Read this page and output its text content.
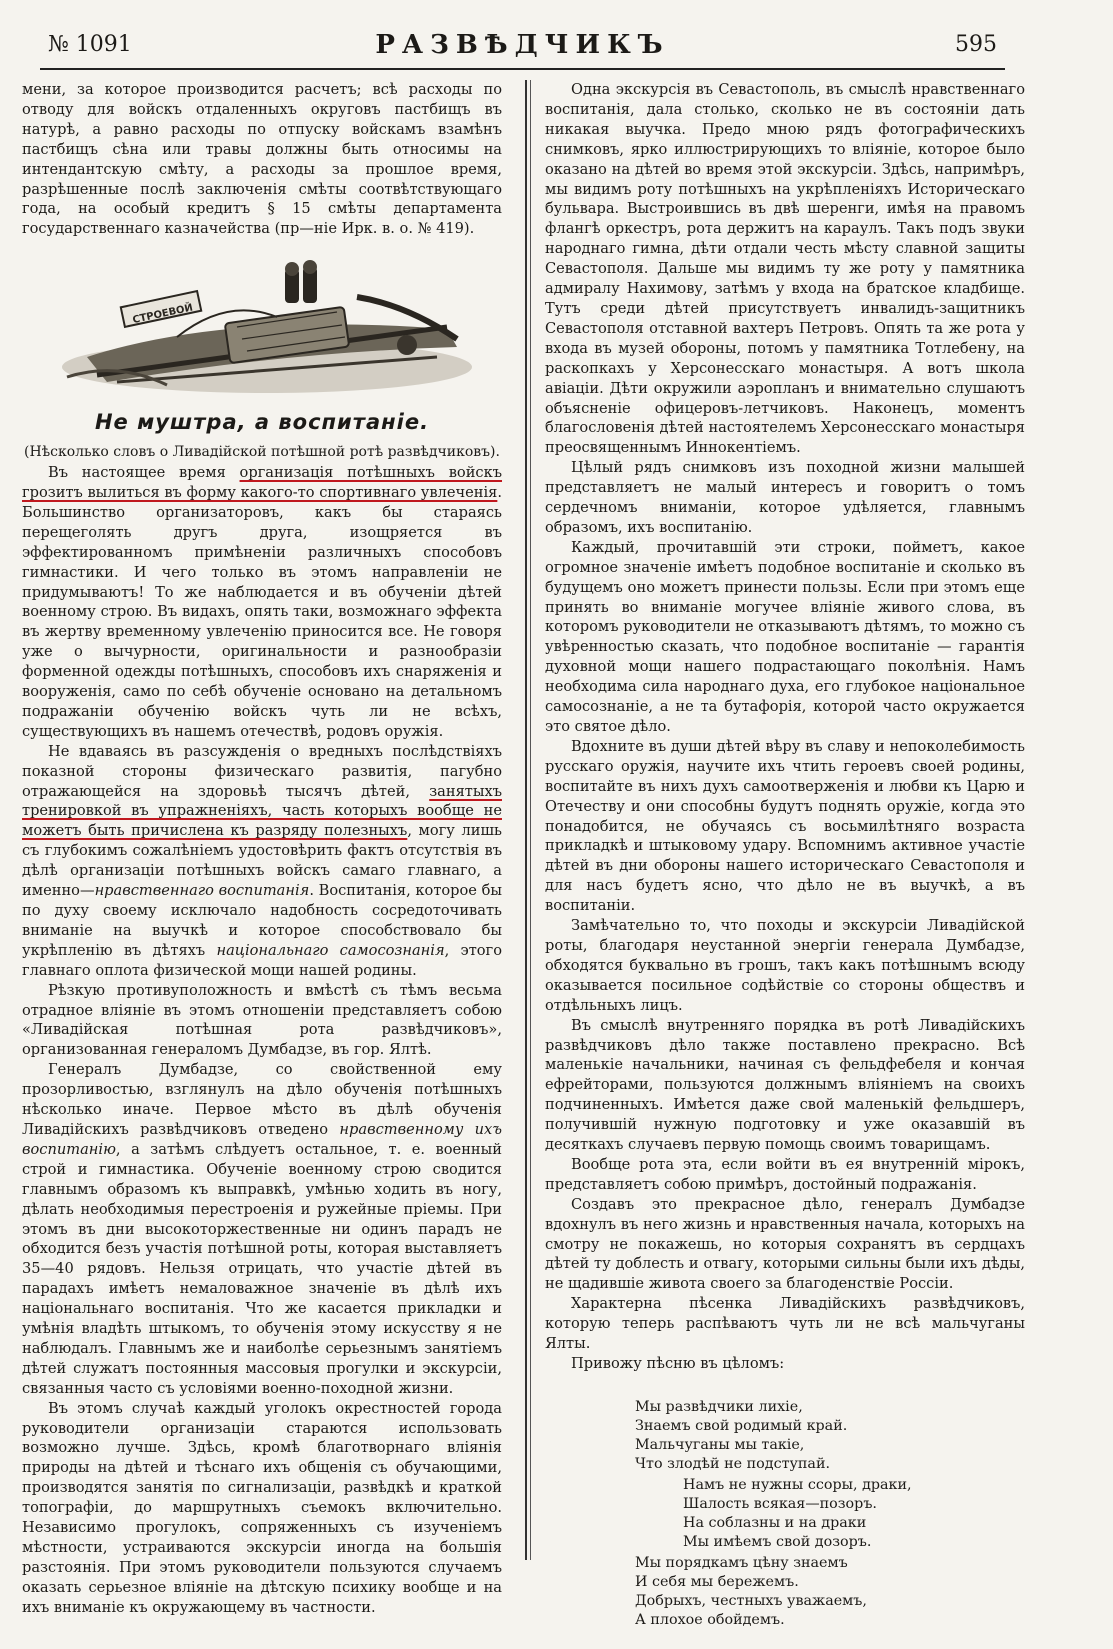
№ 1091	РАЗВѢДЧИКЪ	595

мени, за которое производится расчетъ; всѣ расходы по отводу для войскъ отдаленныхъ округовъ пастбищъ въ натурѣ, а равно расходы по отпуску войскамъ взамѣнъ пастбищъ сѣна или травы должны быть относимы на интендантскую смѣту, а расходы за прошлое время, разрѣшенные послѣ заключенія смѣты соотвѣтствующаго года, на особый кредитъ § 15 смѣты департамента государственнаго казначейства (пр—ніе Ирк. в. о. № 419).

СТРОЕВОЙ
Не муштра, а воспитаніе.

(Нѣсколько словъ о Ливадійской потѣшной ротѣ развѣдчиковъ).

Въ настоящее время организація потѣшныхъ войскъ грозитъ вылиться въ форму какого-то спортивнаго увлеченія. Большинство организаторовъ, какъ бы стараясь перещеголять другъ друга, изощряется въ эффектированномъ примѣненіи различныхъ способовъ гимнастики. И чего только въ этомъ направленіи не придумываютъ! То же наблюдается и въ обученіи дѣтей военному строю. Въ видахъ, опять таки, возможнаго эффекта въ жертву временному увлеченію приносится все. Не говоря уже о вычурности, оригинальности и разнообразіи форменной одежды потѣшныхъ, способовъ ихъ снаряженія и вооруженія, само по себѣ обученіе основано на детальномъ подражаніи обученію войскъ чуть ли не всѣхъ, существующихъ въ нашемъ отечествѣ, родовъ оружія.

Не вдаваясь въ разсужденія о вредныхъ послѣдствіяхъ показной стороны физическаго развитія, пагубно отражающейся на здоровьѣ тысячъ дѣтей, занятыхъ тренировкой въ упражненіяхъ, часть которыхъ вообще не можетъ быть причислена къ разряду полезныхъ, могу лишь съ глубокимъ сожалѣніемъ удостовѣрить фактъ отсутствія въ дѣлѣ организаціи потѣшныхъ войскъ самаго главнаго, а именно—нравственнаго воспитанія. Воспитанія, которое бы по духу своему исключало надобность сосредоточивать вниманіе на выучкѣ и которое способствовало бы укрѣпленію въ дѣтяхъ національнаго самосознанія, этого главнаго оплота физической мощи нашей родины.

Рѣзкую противуположность и вмѣстѣ съ тѣмъ весьма отрадное вліяніе въ этомъ отношеніи представляетъ собою «Ливадійская потѣшная рота развѣдчиковъ», организованная генераломъ Думбадзе, въ гор. Ялтѣ.

Генералъ Думбадзе, со свойственной ему прозорливостью, взглянулъ на дѣло обученія потѣшныхъ нѣсколько иначе. Первое мѣсто въ дѣлѣ обученія Ливадійскихъ развѣдчиковъ отведено нравственному ихъ воспитанію, а затѣмъ слѣдуетъ остальное, т. е. военный строй и гимнастика. Обученіе военному строю сводится главнымъ образомъ къ выправкѣ, умѣнью ходить въ ногу, дѣлать необходимыя перестроенія и ружейные пріемы. При этомъ въ дни высокоторжественные ни одинъ парадъ не обходится безъ участія потѣшной роты, которая выставляетъ 35—40 рядовъ. Нельзя отрицать, что участіе дѣтей въ парадахъ имѣетъ немаловажное значеніе въ дѣлѣ ихъ національнаго воспитанія. Что же касается прикладки и умѣнія владѣть штыкомъ, то обученія этому искусству я не наблюдалъ. Главнымъ же и наиболѣе серьезнымъ занятіемъ дѣтей служатъ постоянныя массовыя прогулки и экскурсіи, связанныя часто съ условіями военно-походной жизни.

Въ этомъ случаѣ каждый уголокъ окрестностей города руководители организаціи стараются использовать возможно лучше. Здѣсь, кромѣ благотворнаго вліянія природы на дѣтей и тѣснаго ихъ общенія съ обучающими, производятся занятія по сигнализаціи, развѣдкѣ и краткой топографіи, до маршрутныхъ съемокъ включительно. Независимо прогулокъ, сопряженныхъ съ изученіемъ мѣстности, устраиваются экскурсіи иногда на большія разстоянія. При этомъ руководители пользуются случаемъ оказать серьезное вліяніе на дѣтскую психику вообще и на ихъ вниманіе къ окружающему въ частности.

Одна экскурсія въ Севастополь, въ смыслѣ нравственнаго воспитанія, дала столько, сколько не въ состояніи дать никакая выучка. Предо мною рядъ фотографическихъ снимковъ, ярко иллюстрирующихъ то вліяніе, которое было оказано на дѣтей во время этой экскурсіи. Здѣсь, напримѣръ, мы видимъ роту потѣшныхъ на укрѣпленіяхъ Историческаго бульвара. Выстроившись въ двѣ шеренги, имѣя на правомъ флангѣ оркестръ, рота держитъ на караулъ. Такъ подъ звуки народнаго гимна, дѣти отдали честь мѣсту славной защиты Севастополя. Дальше мы видимъ ту же роту у памятника адмиралу Нахимову, затѣмъ у входа на братское кладбище. Тутъ среди дѣтей присутствуетъ инвалидъ-защитникъ Севастополя отставной вахтеръ Петровъ. Опять та же рота у входа въ музей обороны, потомъ у памятника Тотлебену, на раскопкахъ у Херсонесскаго монастыря. А вотъ школа авіаціи. Дѣти окружили аэропланъ и внимательно слушаютъ объясненіе офицеровъ-летчиковъ. Наконецъ, моментъ благословенія дѣтей настоятелемъ Херсонесскаго монастыря преосвященнымъ Иннокентіемъ.

Цѣлый рядъ снимковъ изъ походной жизни малышей представляетъ не малый интересъ и говоритъ о томъ сердечномъ вниманіи, которое удѣляется, главнымъ образомъ, ихъ воспитанію.

Каждый, прочитавшій эти строки, пойметъ, какое огромное значеніе имѣетъ подобное воспитаніе и сколько въ будущемъ оно можетъ принести пользы. Если при этомъ еще принять во вниманіе могучее вліяніе живого слова, въ которомъ руководители не отказываютъ дѣтямъ, то можно съ увѣренностью сказать, что подобное воспитаніе — гарантія духовной мощи нашего подрастающаго поколѣнія. Намъ необходима сила народнаго духа, его глубокое національное самосознаніе, а не та бутафорія, которой часто окружается это святое дѣло.

Вдохните въ души дѣтей вѣру въ славу и непоколебимость русскаго оружія, научите ихъ чтить героевъ своей родины, воспитайте въ нихъ духъ самоотверженія и любви къ Царю и Отечеству и они способны будутъ поднять оружіе, когда это понадобится, не обучаясь съ восьмилѣтняго возраста прикладкѣ и штыковому удару. Вспомнимъ активное участіе дѣтей въ дни обороны нашего историческаго Севастополя и для насъ будетъ ясно, что дѣло не въ выучкѣ, а въ воспитаніи.

Замѣчательно то, что походы и экскурсіи Ливадійской роты, благодаря неустанной энергіи генерала Думбадзе, обходятся буквально въ грошъ, такъ какъ потѣшнымъ всюду оказывается посильное содѣйствіе со стороны обществъ и отдѣльныхъ лицъ.

Въ смыслѣ внутренняго порядка въ ротѣ Ливадійскихъ развѣдчиковъ дѣло также поставлено прекрасно. Всѣ маленькіе начальники, начиная съ фельдфебеля и кончая ефрейторами, пользуются должнымъ вліяніемъ на своихъ подчиненныхъ. Имѣется даже свой маленькій фельдшеръ, получившій нужную подготовку и уже оказавшій въ десяткахъ случаевъ первую помощь своимъ товарищамъ.

Вообще рота эта, если войти въ ея внутренній мірокъ, представляетъ собою примѣръ, достойный подражанія.

Создавъ это прекрасное дѣло, генералъ Думбадзе вдохнулъ въ него жизнь и нравственныя начала, которыхъ на смотру не покажешь, но которыя сохранятъ въ сердцахъ дѣтей ту доблесть и отвагу, которыми сильны были ихъ дѣды, не щадившіе живота своего за благоденствіе Россіи.

Характерна пѣсенка Ливадійскихъ развѣдчиковъ, которую теперь распѣваютъ чуть ли не всѣ мальчуганы Ялты.

Привожу пѣсню въ цѣломъ:

Мы развѣдчики лихіе,
Знаемъ свой родимый край.
Мальчуганы мы такіе,
Что злодѣй не подступай.
Намъ не нужны ссоры, драки,
Шалость всякая—позоръ.
На соблазны и на драки
Мы имѣемъ свой дозоръ.
Мы порядкамъ цѣну знаемъ
И себя мы бережемъ.
Добрыхъ, честныхъ уважаемъ,
А плохое обойдемъ.
